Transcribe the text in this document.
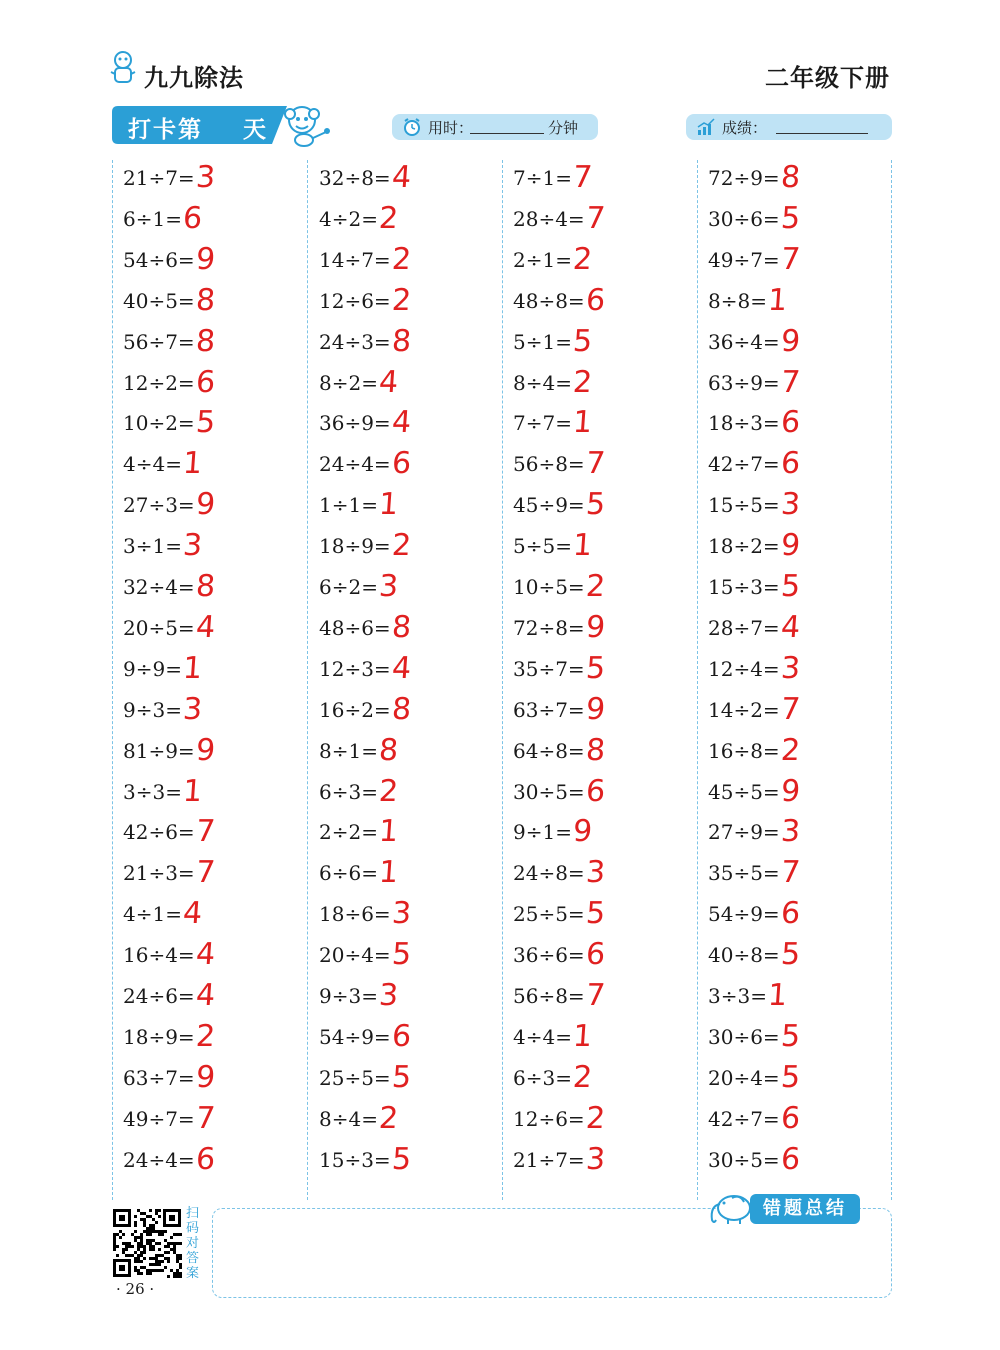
九九除法	二年级下册
打卡第    天	用时：	分钟	成绩：
21÷7= 3
6÷1= 6
54÷6= 9
40÷5= 8
56÷7= 8
12÷2= 6
10÷2= 5
4÷4= 1
27÷3= 9
3÷1= 3
32÷4= 8
20÷5= 4
9÷9= 1
9÷3= 3
81÷9= 9
3÷3= 1
42÷6= 7
21÷3= 7
4÷1= 4
16÷4= 4
24÷6= 4
18÷9= 2
63÷7= 9
49÷7= 7
24÷4= 6
32÷8= 4
4÷2= 2
14÷7= 2
12÷6= 2
24÷3= 8
8÷2= 4
36÷9= 4
24÷4= 6
1÷1= 1
18÷9= 2
6÷2= 3
48÷6= 8
12÷3= 4
16÷2= 8
8÷1= 8
6÷3= 2
2÷2= 1
6÷6= 1
18÷6= 3
20÷4= 5
9÷3= 3
54÷9= 6
25÷5= 5
8÷4= 2
15÷3= 5
7÷1= 7
28÷4= 7
2÷1= 2
48÷8= 6
5÷1= 5
8÷4= 2
7÷7= 1
56÷8= 7
45÷9= 5
5÷5= 1
10÷5= 2
72÷8= 9
35÷7= 5
63÷7= 9
64÷8= 8
30÷5= 6
9÷1= 9
24÷8= 3
25÷5= 5
36÷6= 6
56÷8= 7
4÷4= 1
6÷3= 2
12÷6= 2
21÷7= 3
72÷9= 8
30÷6= 5
49÷7= 7
8÷8= 1
36÷4= 9
63÷9= 7
18÷3= 6
42÷7= 6
15÷5= 3
18÷2= 9
15÷3= 5
28÷7= 4
12÷4= 3
14÷2= 7
16÷8= 2
45÷5= 9
27÷9= 3
35÷5= 7
54÷9= 6
40÷8= 5
3÷3= 1
30÷6= 5
20÷4= 5
42÷7= 6
30÷5= 6
扫码对答案
· 26 ·
错题总结
